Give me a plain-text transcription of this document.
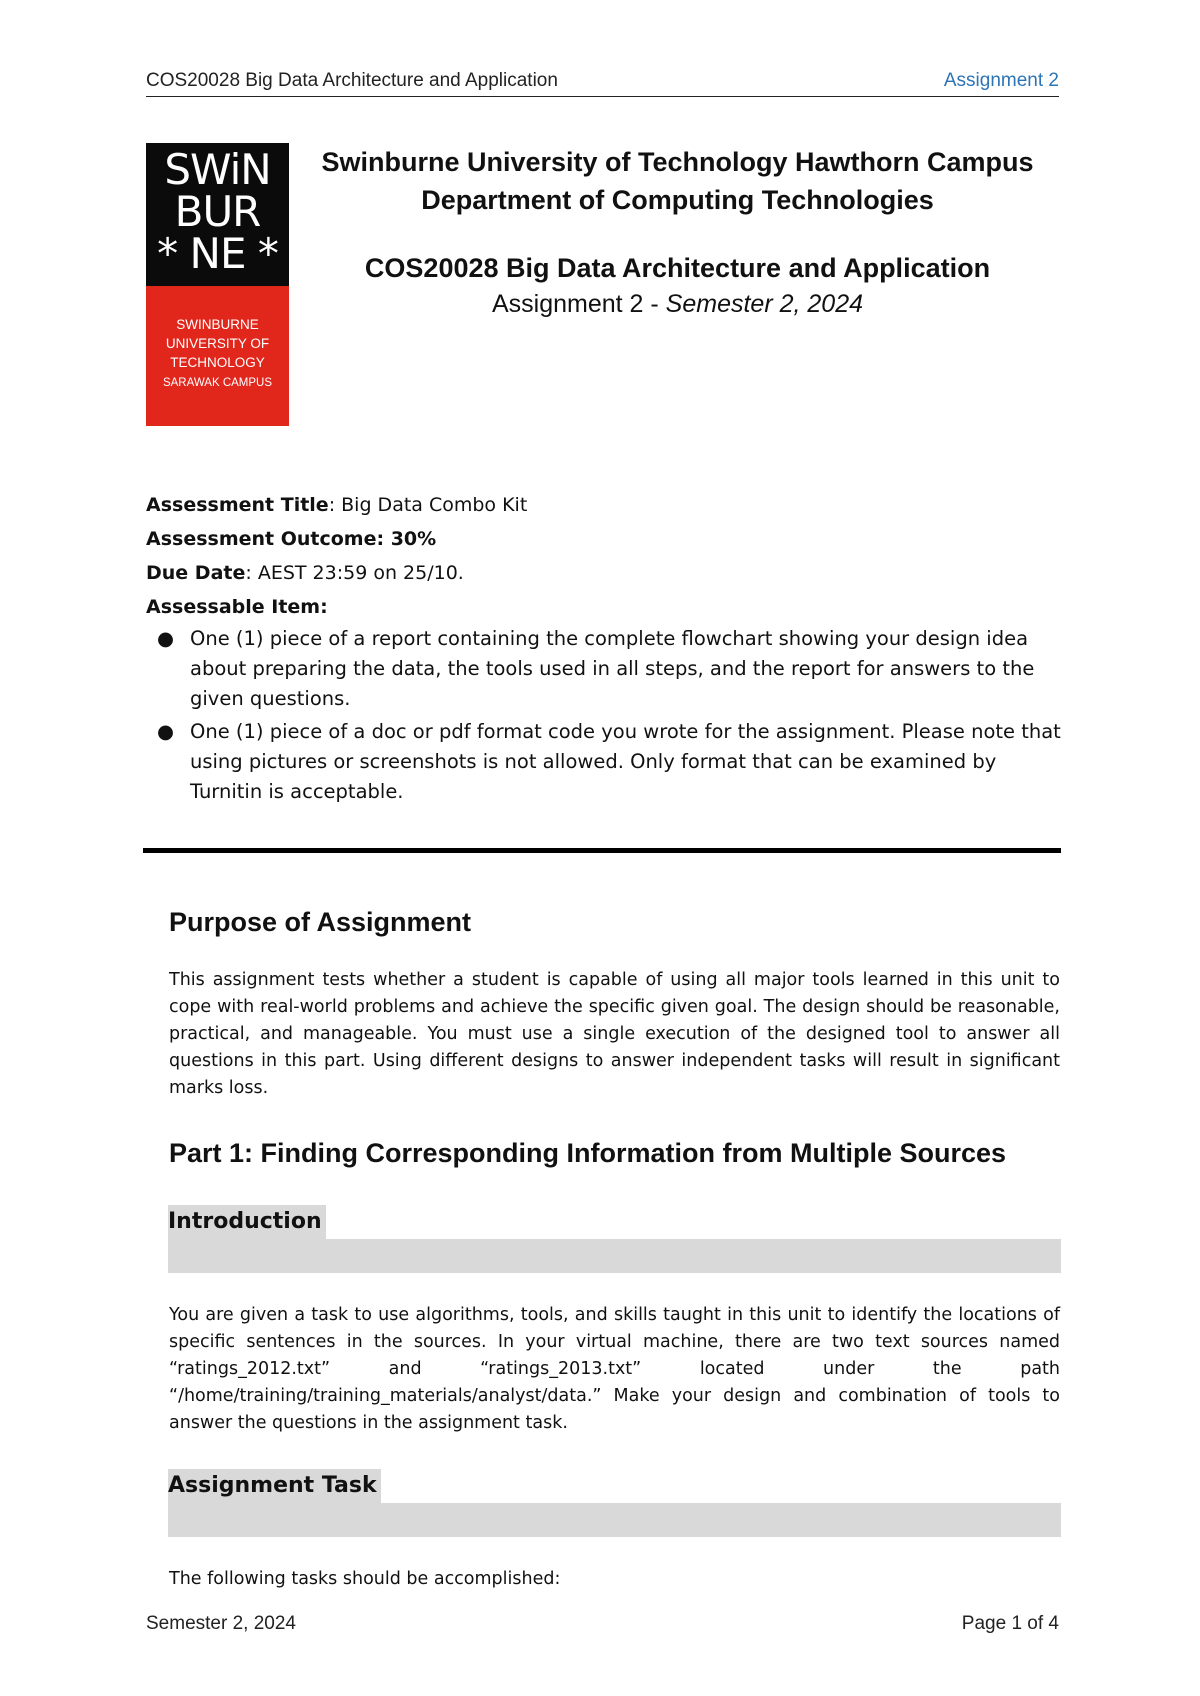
COS20028 Big Data Architecture and Application	Assignment 2
SWiN
BUR
* NE *
SWINBURNE
UNIVERSITY OF
TECHNOLOGY
SARAWAK CAMPUS
Swinburne University of Technology Hawthorn Campus
Department of Computing Technologies
COS20028 Big Data Architecture and Application
Assignment 2 - Semester 2, 2024
Assessment Title: Big Data Combo Kit
Assessment Outcome: 30%
Due Date: AEST 23:59 on 25/10.
Assessable Item:
● One (1) piece of a report containing the complete flowchart showing your design idea about preparing the data, the tools used in all steps, and the report for answers to the given questions.
● One (1) piece of a doc or pdf format code you wrote for the assignment. Please note that using pictures or screenshots is not allowed. Only format that can be examined by Turnitin is acceptable.
Purpose of Assignment
This assignment tests whether a student is capable of using all major tools learned in this unit to cope with real-world problems and achieve the specific given goal. The design should be reasonable, practical, and manageable. You must use a single execution of the designed tool to answer all questions in this part. Using different designs to answer independent tasks will result in significant marks loss.
Part 1: Finding Corresponding Information from Multiple Sources
Introduction
You are given a task to use algorithms, tools, and skills taught in this unit to identify the locations of specific sentences in the sources. In your virtual machine, there are two text sources named “ratings_2012.txt” and “ratings_2013.txt” located under the path “/home/training/training_materials/analyst/data.” Make your design and combination of tools to answer the questions in the assignment task.
Assignment Task
The following tasks should be accomplished:
Semester 2, 2024	Page 1 of 4
